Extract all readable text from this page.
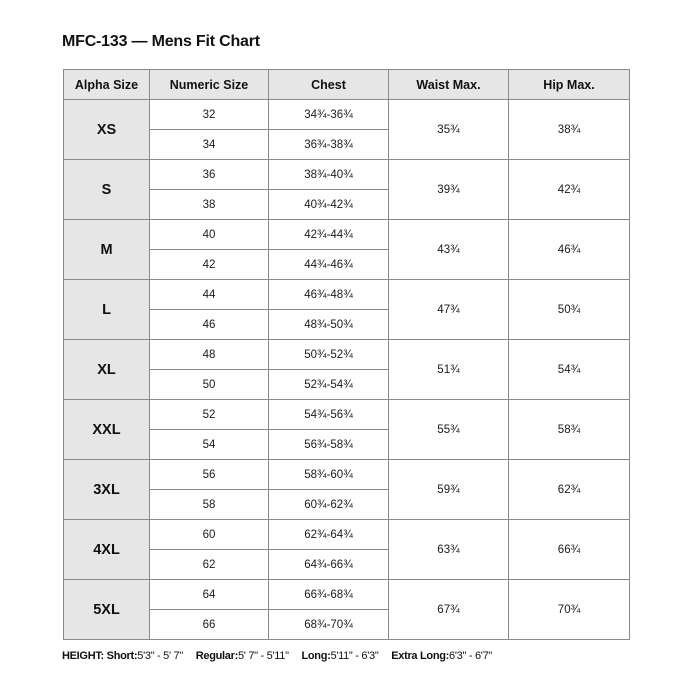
MFC-133 — Mens Fit Chart
Alpha Size	Numeric Size	Chest	Waist Max.	Hip Max.
XS	32	34¾-36¾	35¾	38¾
	34	36¾-38¾		
S	36	38¾-40¾	39¾	42¾
	38	40¾-42¾		
M	40	42¾-44¾	43¾	46¾
	42	44¾-46¾		
L	44	46¾-48¾	47¾	50¾
	46	48¾-50¾		
XL	48	50¾-52¾	51¾	54¾
	50	52¾-54¾		
XXL	52	54¾-56¾	55¾	58¾
	54	56¾-58¾		
3XL	56	58¾-60¾	59¾	62¾
	58	60¾-62¾		
4XL	60	62¾-64¾	63¾	66¾
	62	64¾-66¾		
5XL	64	66¾-68¾	67¾	70¾
	66	68¾-70¾		
HEIGHT: Short:5'3" - 5' 7" Regular:5' 7" - 5'11" Long:5'11" - 6'3" Extra Long:6'3" - 6'7"
